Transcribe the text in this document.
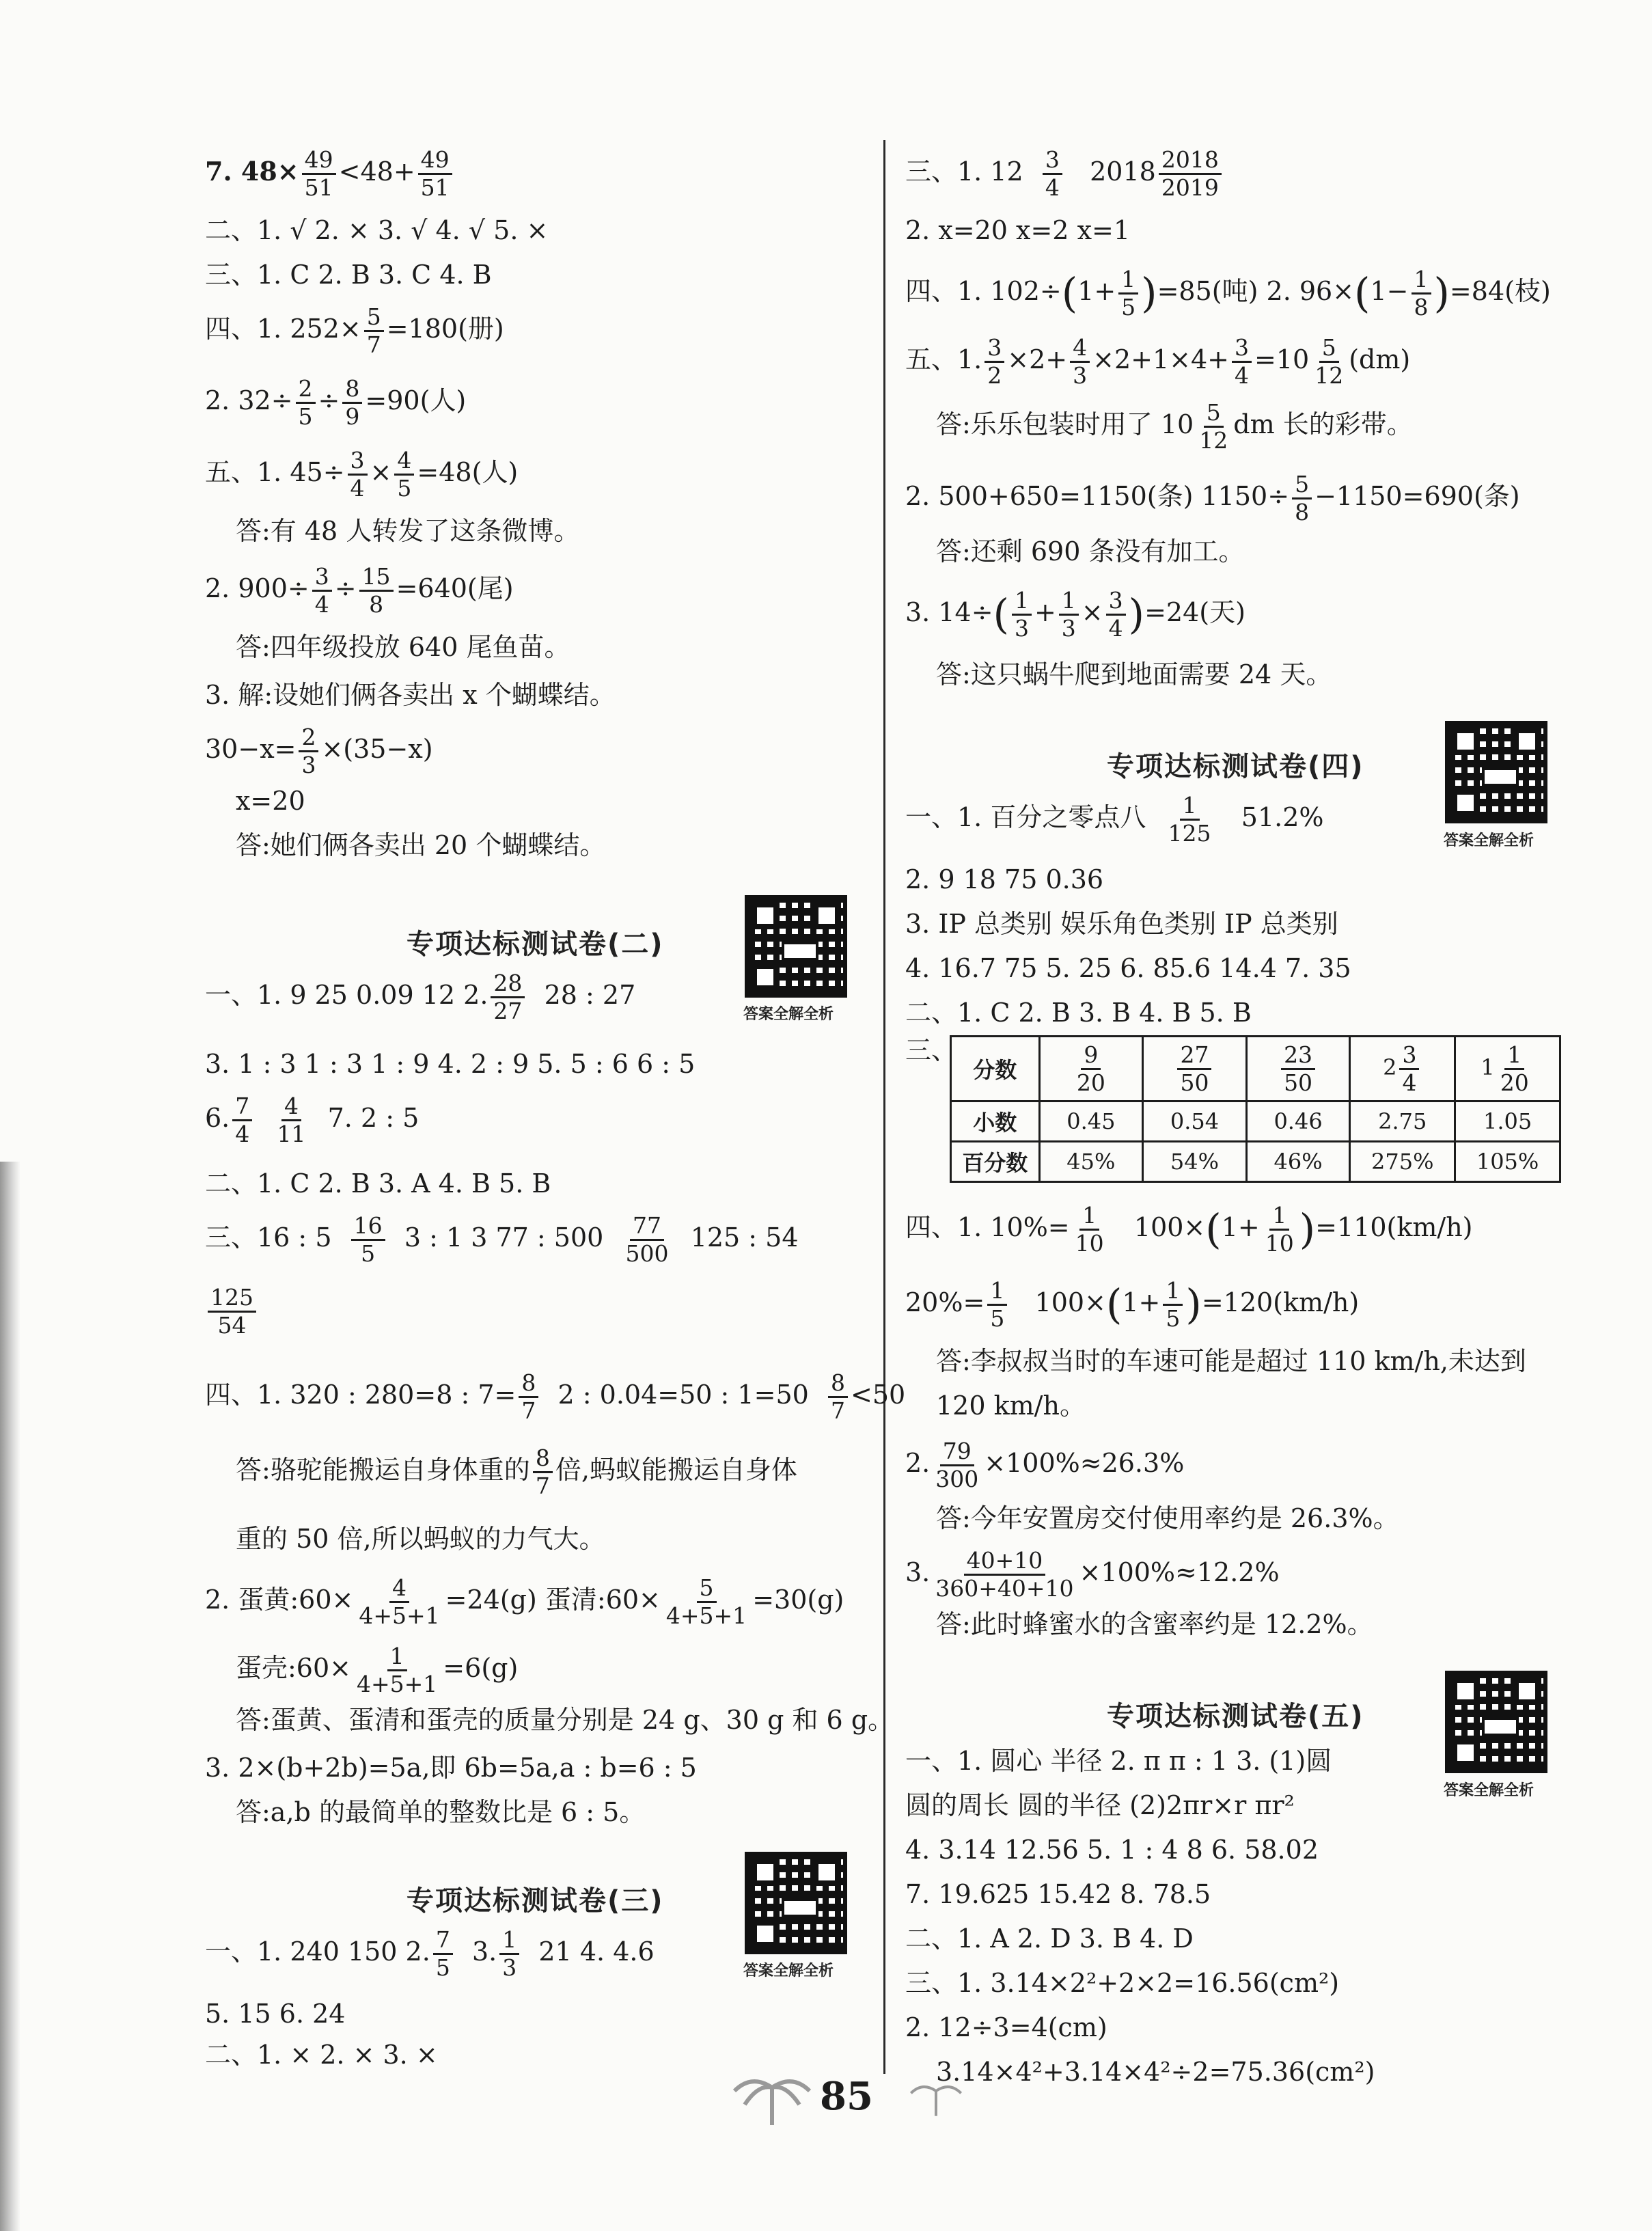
7. $48\times \frac{49}{51} <48+ \frac{49}{51}$
二、1. √ 2. × 3. √ 4. √ 5. ×
三、1. C 2. B 3. C 4. B
四、1. $252\times \frac{5}{7} =180$(册)
2. $32\div \frac{2}{5} \div \frac{8}{9} =90$(人)
五、1. $45\div \frac{3}{4} \times \frac{4}{5} =48$(人)
答:有 48 人转发了这条微博。
2. $900\div \frac{3}{4} \div \frac{15}{8} =640$(尾)
答:四年级投放 640 尾鱼苗。
3. 解:设她们俩各卖出 x 个蝴蝶结。
$30-x= \frac{2}{3} \times(35-x)$
x=20
答:她们俩各卖出 20 个蝴蝶结。
专项达标测试卷(二)
答案全解全析
一、1. 9 25 0.09 12 2. $\frac{28}{27} 28$ : 27
3. 1 : 3 1 : 3 1 : 9 4. 2 : 9 5. 5 : 6 6 : 5
6. $\frac{7}{4}$
$\frac{4}{11} 7$. 2 : 5
二、1. C 2. B 3. A 4. B 5. B
三、16 : $5 \frac{16}{5} 3$ : 1 3 77 : $500 \frac{77}{500} 125$ : 54
$\frac{125}{54}$
四、1. 320 : 280=8 : $7= \frac{8}{7} 2$ : 0.04=50 : $1=50 \frac{8}{7} <50$
答:骆驼能搬运自身体重的 $\frac{8}{7}$ 倍,蚂蚁能搬运自身体
重的 50 倍,所以蚂蚁的力气大。
2. 蛋黄:60× $\frac{4}{4+5+1} =24(g)$ 蛋清:60× $\frac{5}{4+5+1} =30(g)$
蛋壳:60× $\frac{1}{4+5+1} =6(g)$
答:蛋黄、蛋清和蛋壳的质量分别是 24 g、30 g 和 6 g。
3. 2×(b+2b)=5a,即 6b=5a,a : b=6 : 5
答:a,b 的最简单的整数比是 6 : 5。
专项达标测试卷(三)
答案全解全析
一、1. 240 150 2. $\frac{7}{5} 3$. $\frac{1}{3} 21$ 4. 4.6
5. 15 6. 24
二、1. × 2. × 3. ×
三、1. $12 \frac{3}{4} 2018 \frac{2018}{2019}$
2. x=20 x=2 x=1
四、1. $102\div(1+ \frac{1}{5} )=85$(吨) 2. $96\times(1- \frac{1}{8} )=84$(枝)
五、1. $\frac{3}{2} \times 2+ \frac{4}{3} \times 2+1\times 4+ \frac{3}{4} =10 \frac{5}{12} (dm)$
答:乐乐包装时用了 $10 \frac{5}{12}$ dm 长的彩带。
2. 500+650=1150(条) $1150\div \frac{5}{8} -1150=690$(条)
答:还剩 690 条没有加工。
3. $14\div( \frac{1}{3} + \frac{1}{3} \times \frac{3}{4} )=24$(天)
答:这只蜗牛爬到地面需要 24 天。
专项达标测试卷(四)
答案全解全析
一、1. 百分之零点八 $\frac{1}{125} 51.2\%$
2. 9 18 75 0.36
3. IP 总类别 娱乐角色类别 IP 总类别
4. 16.7 75 5. 25 6. 85.6 14.4 7. 35
二、1. C 2. B 3. B 4. B 5. B
三、
分数	$\frac{9}{20}$	$\frac{27}{50}$	$\frac{23}{50}$	$2 \frac{3}{4}$	$1 \frac{1}{20}$

小数	0.45	0.54	0.46	2.75	1.05
百分数	45%	54%	46%	275%	105%
四、1. $10\%= \frac{1}{10} 100\times(1+ \frac{1}{10} )=110(km/h)$
$20\%= \frac{1}{5} 100\times(1+ \frac{1}{5} )=120(km/h)$
答:李叔叔当时的车速可能是超过 110 km/h,未达到
120 km/h。
2. $\frac{79}{300} \times 100\%\approx 26.3\%$
答:今年安置房交付使用率约是 26.3%。
3. $\frac{40+10}{360+40+10} \times 100\%\approx 12.2\%$
答:此时蜂蜜水的含蜜率约是 12.2%。
专项达标测试卷(五)
答案全解全析
一、1. 圆心 半径 2. π π : 1 3. (1)圆
圆的周长 圆的半径 (2)2πr×r πr²
4. 3.14 12.56 5. 1 : 4 8 6. 58.02
7. 19.625 15.42 8. 78.5
二、1. A 2. D 3. B 4. D
三、1. 3.14×2²+2×2=16.56(cm²)
2. 12÷3=4(cm)
3.14×4²+3.14×4²÷2=75.36(cm²)
85
